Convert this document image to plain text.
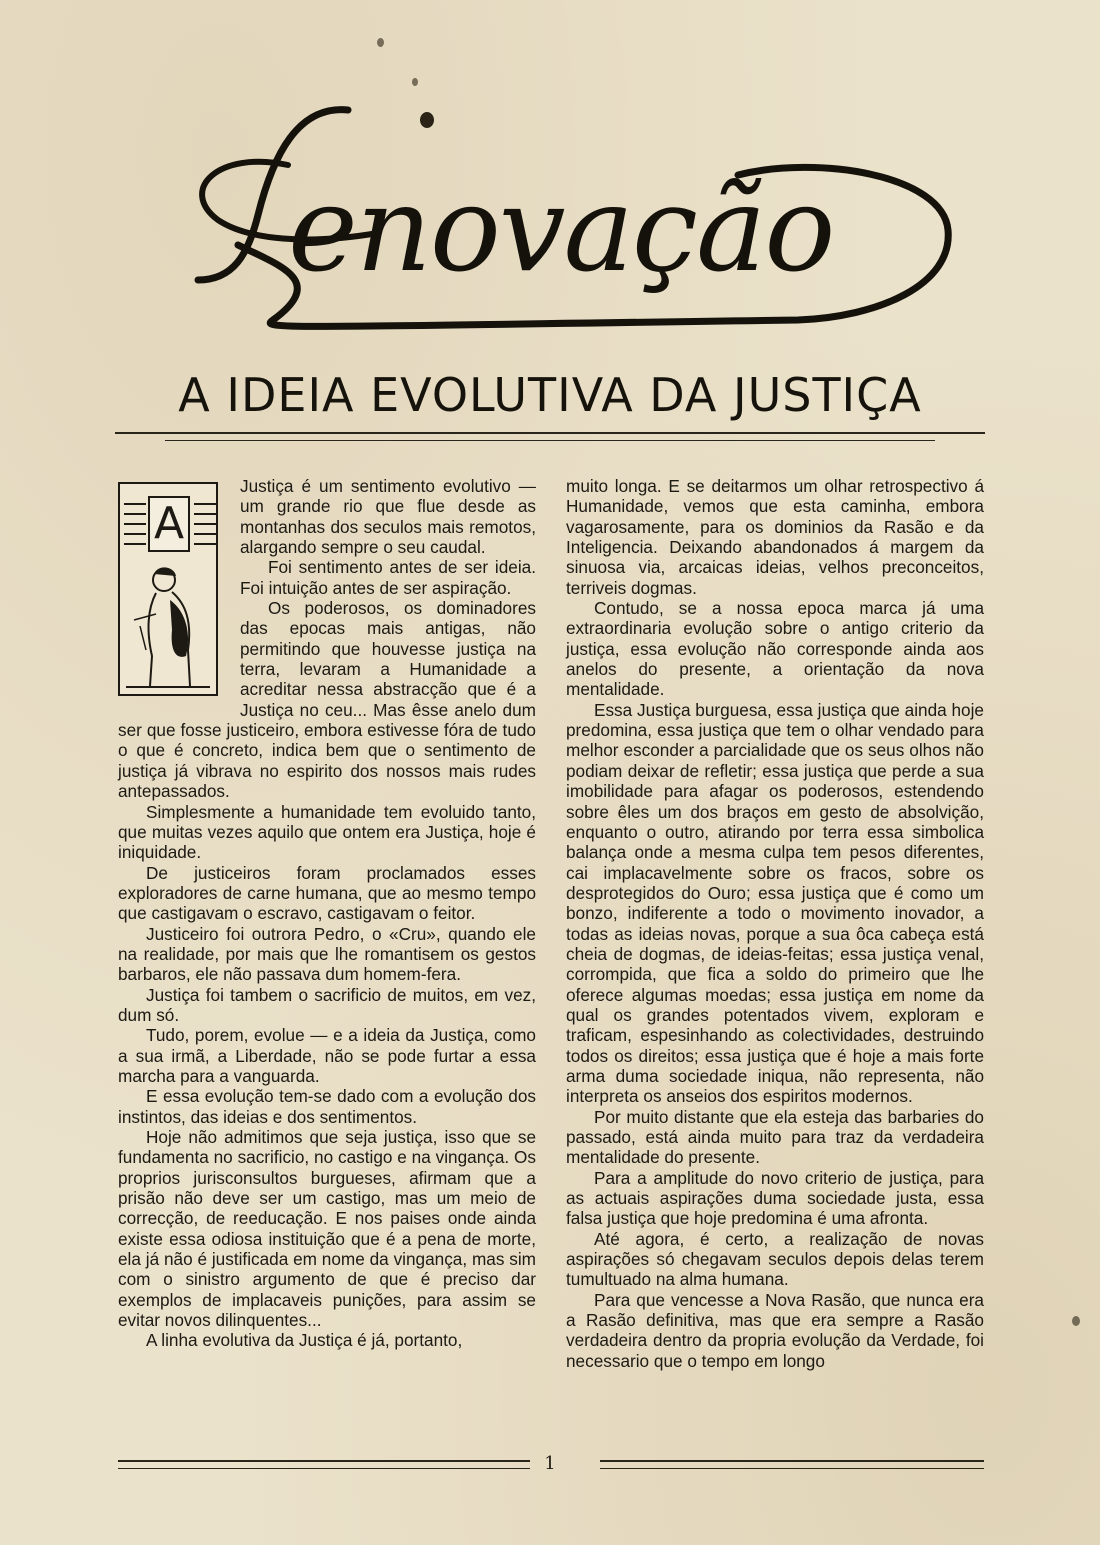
enovação
A IDEIA EVOLUTIVA DA JUSTIÇA
A

Justiça é um sentimento evolutivo — um grande rio que flue desde as montanhas dos seculos mais remotos, alargando sempre o seu caudal.

Foi sentimento antes de ser ideia. Foi intuição antes de ser aspiração.

Os poderosos, os dominadores das epocas mais antigas, não permitindo que houvesse justiça na terra, levaram a Humanidade a acreditar nessa abstracção que é a Justiça no ceu... Mas êsse anelo dum ser que fosse justiceiro, embora estivesse fóra de tudo o que é concreto, indica bem que o sentimento de justiça já vibrava no espirito dos nossos mais rudes antepassados.

Simplesmente a humanidade tem evoluido tanto, que muitas vezes aquilo que ontem era Justiça, hoje é iniquidade.

De justiceiros foram proclamados esses exploradores de carne humana, que ao mesmo tempo que castigavam o escravo, castigavam o feitor.

Justiceiro foi outrora Pedro, o «Cru», quando ele na realidade, por mais que lhe romantisem os gestos barbaros, ele não passava dum homem-fera.

Justiça foi tambem o sacrificio de muitos, em vez, dum só.

Tudo, porem, evolue — e a ideia da Justiça, como a sua irmã, a Liberdade, não se pode furtar a essa marcha para a vanguarda.

E essa evolução tem-se dado com a evolução dos instintos, das ideias e dos sentimentos.

Hoje não admitimos que seja justiça, isso que se fundamenta no sacrificio, no castigo e na vingança. Os proprios jurisconsultos burgueses, afirmam que a prisão não deve ser um castigo, mas um meio de correcção, de reeducação. E nos paises onde ainda existe essa odiosa instituição que é a pena de morte, ela já não é justificada em nome da vingança, mas sim com o sinistro argumento de que é preciso dar exemplos de implacaveis punições, para assim se evitar novos dilinquentes...

A linha evolutiva da Justiça é já, portanto,

muito longa. E se deitarmos um olhar retrospectivo á Humanidade, vemos que esta caminha, embora vagarosamente, para os dominios da Rasão e da Inteligencia. Deixando abandonados á margem da sinuosa via, arcaicas ideias, velhos preconceitos, terriveis dogmas.

Contudo, se a nossa epoca marca já uma extraordinaria evolução sobre o antigo criterio da justiça, essa evolução não corresponde ainda aos anelos do presente, a orientação da nova mentalidade.

Essa Justiça burguesa, essa justiça que ainda hoje predomina, essa justiça que tem o olhar vendado para melhor esconder a parcialidade que os seus olhos não podiam deixar de refletir; essa justiça que perde a sua imobilidade para afagar os poderosos, estendendo sobre êles um dos braços em gesto de absolvição, enquanto o outro, atirando por terra essa simbolica balança onde a mesma culpa tem pesos diferentes, cai implacavelmente sobre os fracos, sobre os desprotegidos do Ouro; essa justiça que é como um bonzo, indiferente a todo o movimento inovador, a todas as ideias novas, porque a sua ôca cabeça está cheia de dogmas, de ideias-feitas; essa justiça venal, corrompida, que fica a soldo do primeiro que lhe oferece algumas moedas; essa justiça em nome da qual os grandes potentados vivem, exploram e traficam, espesinhando as colectividades, destruindo todos os direitos; essa justiça que é hoje a mais forte arma duma sociedade iniqua, não representa, não interpreta os anseios dos espiritos modernos.

Por muito distante que ela esteja das barbaries do passado, está ainda muito para traz da verdadeira mentalidade do presente.

Para a amplitude do novo criterio de justiça, para as actuais aspirações duma sociedade justa, essa falsa justiça que hoje predomina é uma afronta.

Até agora, é certo, a realização de novas aspirações só chegavam seculos depois delas terem tumultuado na alma humana.

Para que vencesse a Nova Rasão, que nunca era a Rasão definitiva, mas que era sempre a Rasão verdadeira dentro da propria evolução da Verdade, foi necessario que o tempo em longo

1
